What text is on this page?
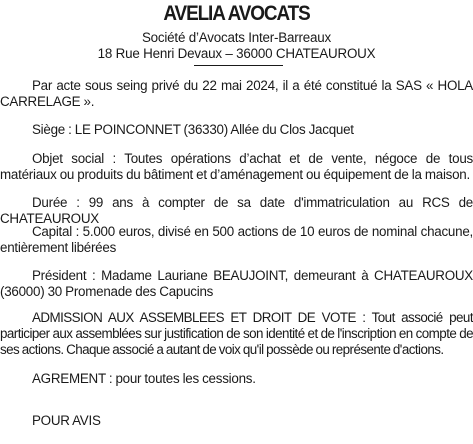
AVELIA AVOCATS
Société d’Avocats Inter-Barreaux
18 Rue Henri Devaux – 36000 CHATEAUROUX

Par acte sous seing privé du 22 mai 2024, il a été constitué la SAS « HOLA CARRELAGE ».

Siège : LE POINCONNET (36330) Allée du Clos Jacquet

Objet social : Toutes opérations d’achat et de vente, négoce de tous matériaux ou produits du bâtiment et d’aménagement ou équipement de la maison.

Durée : 99 ans à compter de sa date d'immatriculation au RCS de CHATEAUROUX

Capital : 5.000 euros, divisé en 500 actions de 10 euros de nominal chacune, entièrement libérées

Président : Madame Lauriane BEAUJOINT, demeurant à CHATEAUROUX (36000) 30 Promenade des Capucins

ADMISSION AUX ASSEMBLEES ET DROIT DE VOTE : Tout associé peut participer aux assemblées sur justification de son identité et de l'inscription en compte de ses actions. Chaque associé a autant de voix qu'il possède ou représente d'actions.

AGREMENT : pour toutes les cessions.

POUR AVIS
